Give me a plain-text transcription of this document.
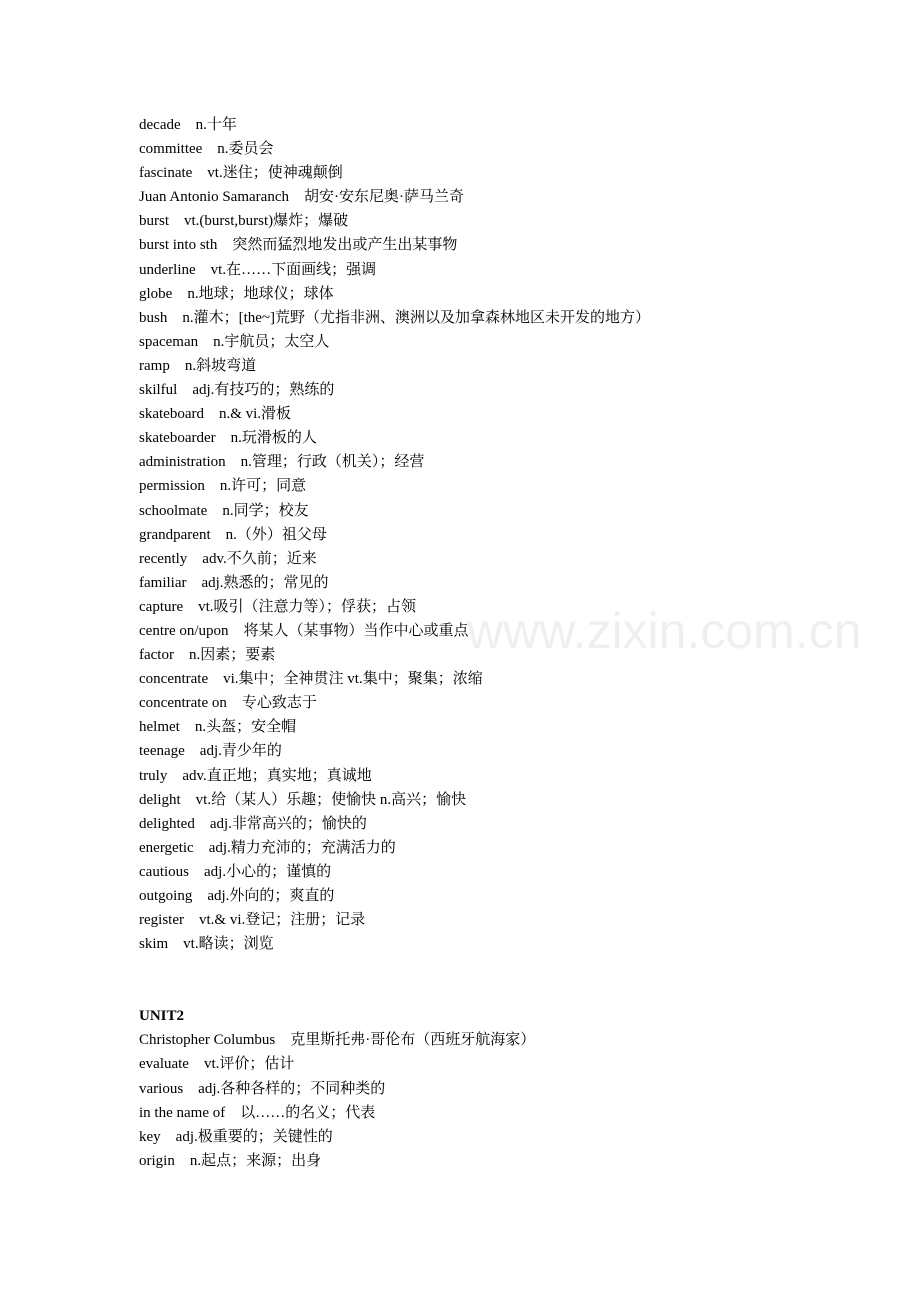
www.zixin.com.cn
decade　n.十年
committee　n.委员会
fascinate　vt.迷住；使神魂颠倒
Juan Antonio Samaranch　胡安·安东尼奥·萨马兰奇
burst　vt.(burst,burst)爆炸；爆破
burst into sth　突然而猛烈地发出或产生出某事物
underline　vt.在……下面画线；强调
globe　n.地球；地球仪；球体
bush　n.灌木；[the~]荒野（尤指非洲、澳洲以及加拿森林地区未开发的地方）
spaceman　n.宇航员；太空人
ramp　n.斜坡弯道
skilful　adj.有技巧的；熟练的
skateboard　n.& vi.滑板
skateboarder　n.玩滑板的人
administration　n.管理；行政（机关）；经营
permission　n.许可；同意
schoolmate　n.同学；校友
grandparent　n.（外）祖父母
recently　adv.不久前；近来
familiar　adj.熟悉的；常见的
capture　vt.吸引（注意力等）；俘获；占领
centre on/upon　将某人（某事物）当作中心或重点
factor　n.因素；要素
concentrate　vi.集中；全神贯注 vt.集中；聚集；浓缩
concentrate on　专心致志于
helmet　n.头盔；安全帽
teenage　adj.青少年的
truly　adv.直正地；真实地；真诚地
delight　vt.给（某人）乐趣；使愉快 n.高兴；愉快
delighted　adj.非常高兴的；愉快的
energetic　adj.精力充沛的；充满活力的
cautious　adj.小心的；谨慎的
outgoing　adj.外向的；爽直的
register　vt.& vi.登记；注册；记录
skim　vt.略读；浏览
UNIT2
Christopher Columbus　克里斯托弗·哥伦布（西班牙航海家）
evaluate　vt.评价；估计
various　adj.各种各样的；不同种类的
in the name of　以……的名义；代表
key　adj.极重要的；关键性的
origin　n.起点；来源；出身
